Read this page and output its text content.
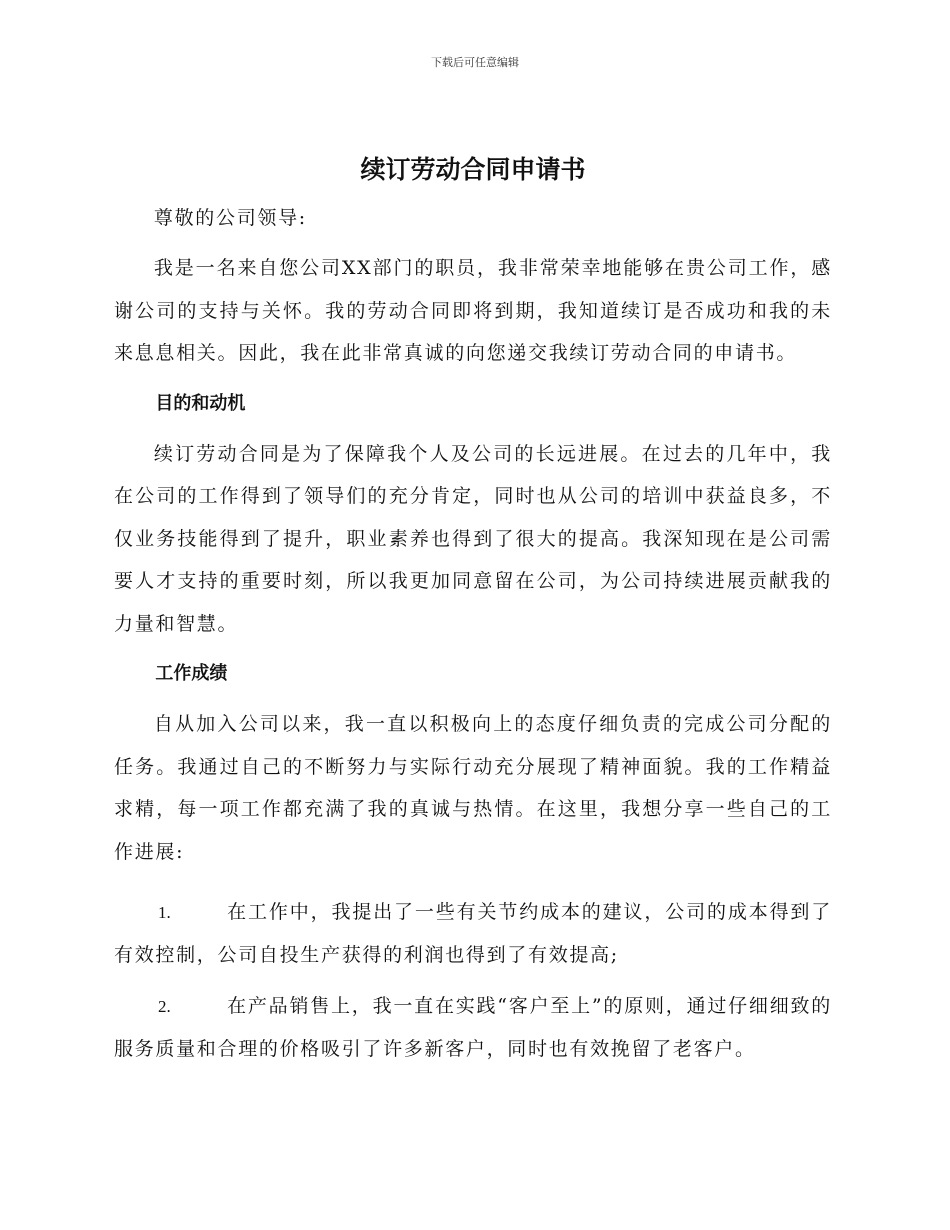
下载后可任意编辑
续订劳动合同申请书

尊敬的公司领导:

我是一名来自您公司XX部门的职员，我非常荣幸地能够在贵公司工作，感谢公司的支持与关怀。我的劳动合同即将到期，我知道续订是否成功和我的未来息息相关。因此，我在此非常真诚的向您递交我续订劳动合同的申请书。

目的和动机

续订劳动合同是为了保障我个人及公司的长远进展。在过去的几年中，我在公司的工作得到了领导们的充分肯定，同时也从公司的培训中获益良多，不仅业务技能得到了提升，职业素养也得到了很大的提高。我深知现在是公司需要人才支持的重要时刻，所以我更加同意留在公司，为公司持续进展贡献我的力量和智慧。

工作成绩

自从加入公司以来，我一直以积极向上的态度仔细负责的完成公司分配的任务。我通过自己的不断努力与实际行动充分展现了精神面貌。我的工作精益求精，每一项工作都充满了我的真诚与热情。在这里，我想分享一些自己的工作进展:

1.	在工作中，我提出了一些有关节约成本的建议，公司的成本得到了有效控制，公司自投生产获得的利润也得到了有效提高;

2.	在产品销售上，我一直在实践“客户至上”的原则，通过仔细细致的服务质量和合理的价格吸引了许多新客户，同时也有效挽留了老客户。
